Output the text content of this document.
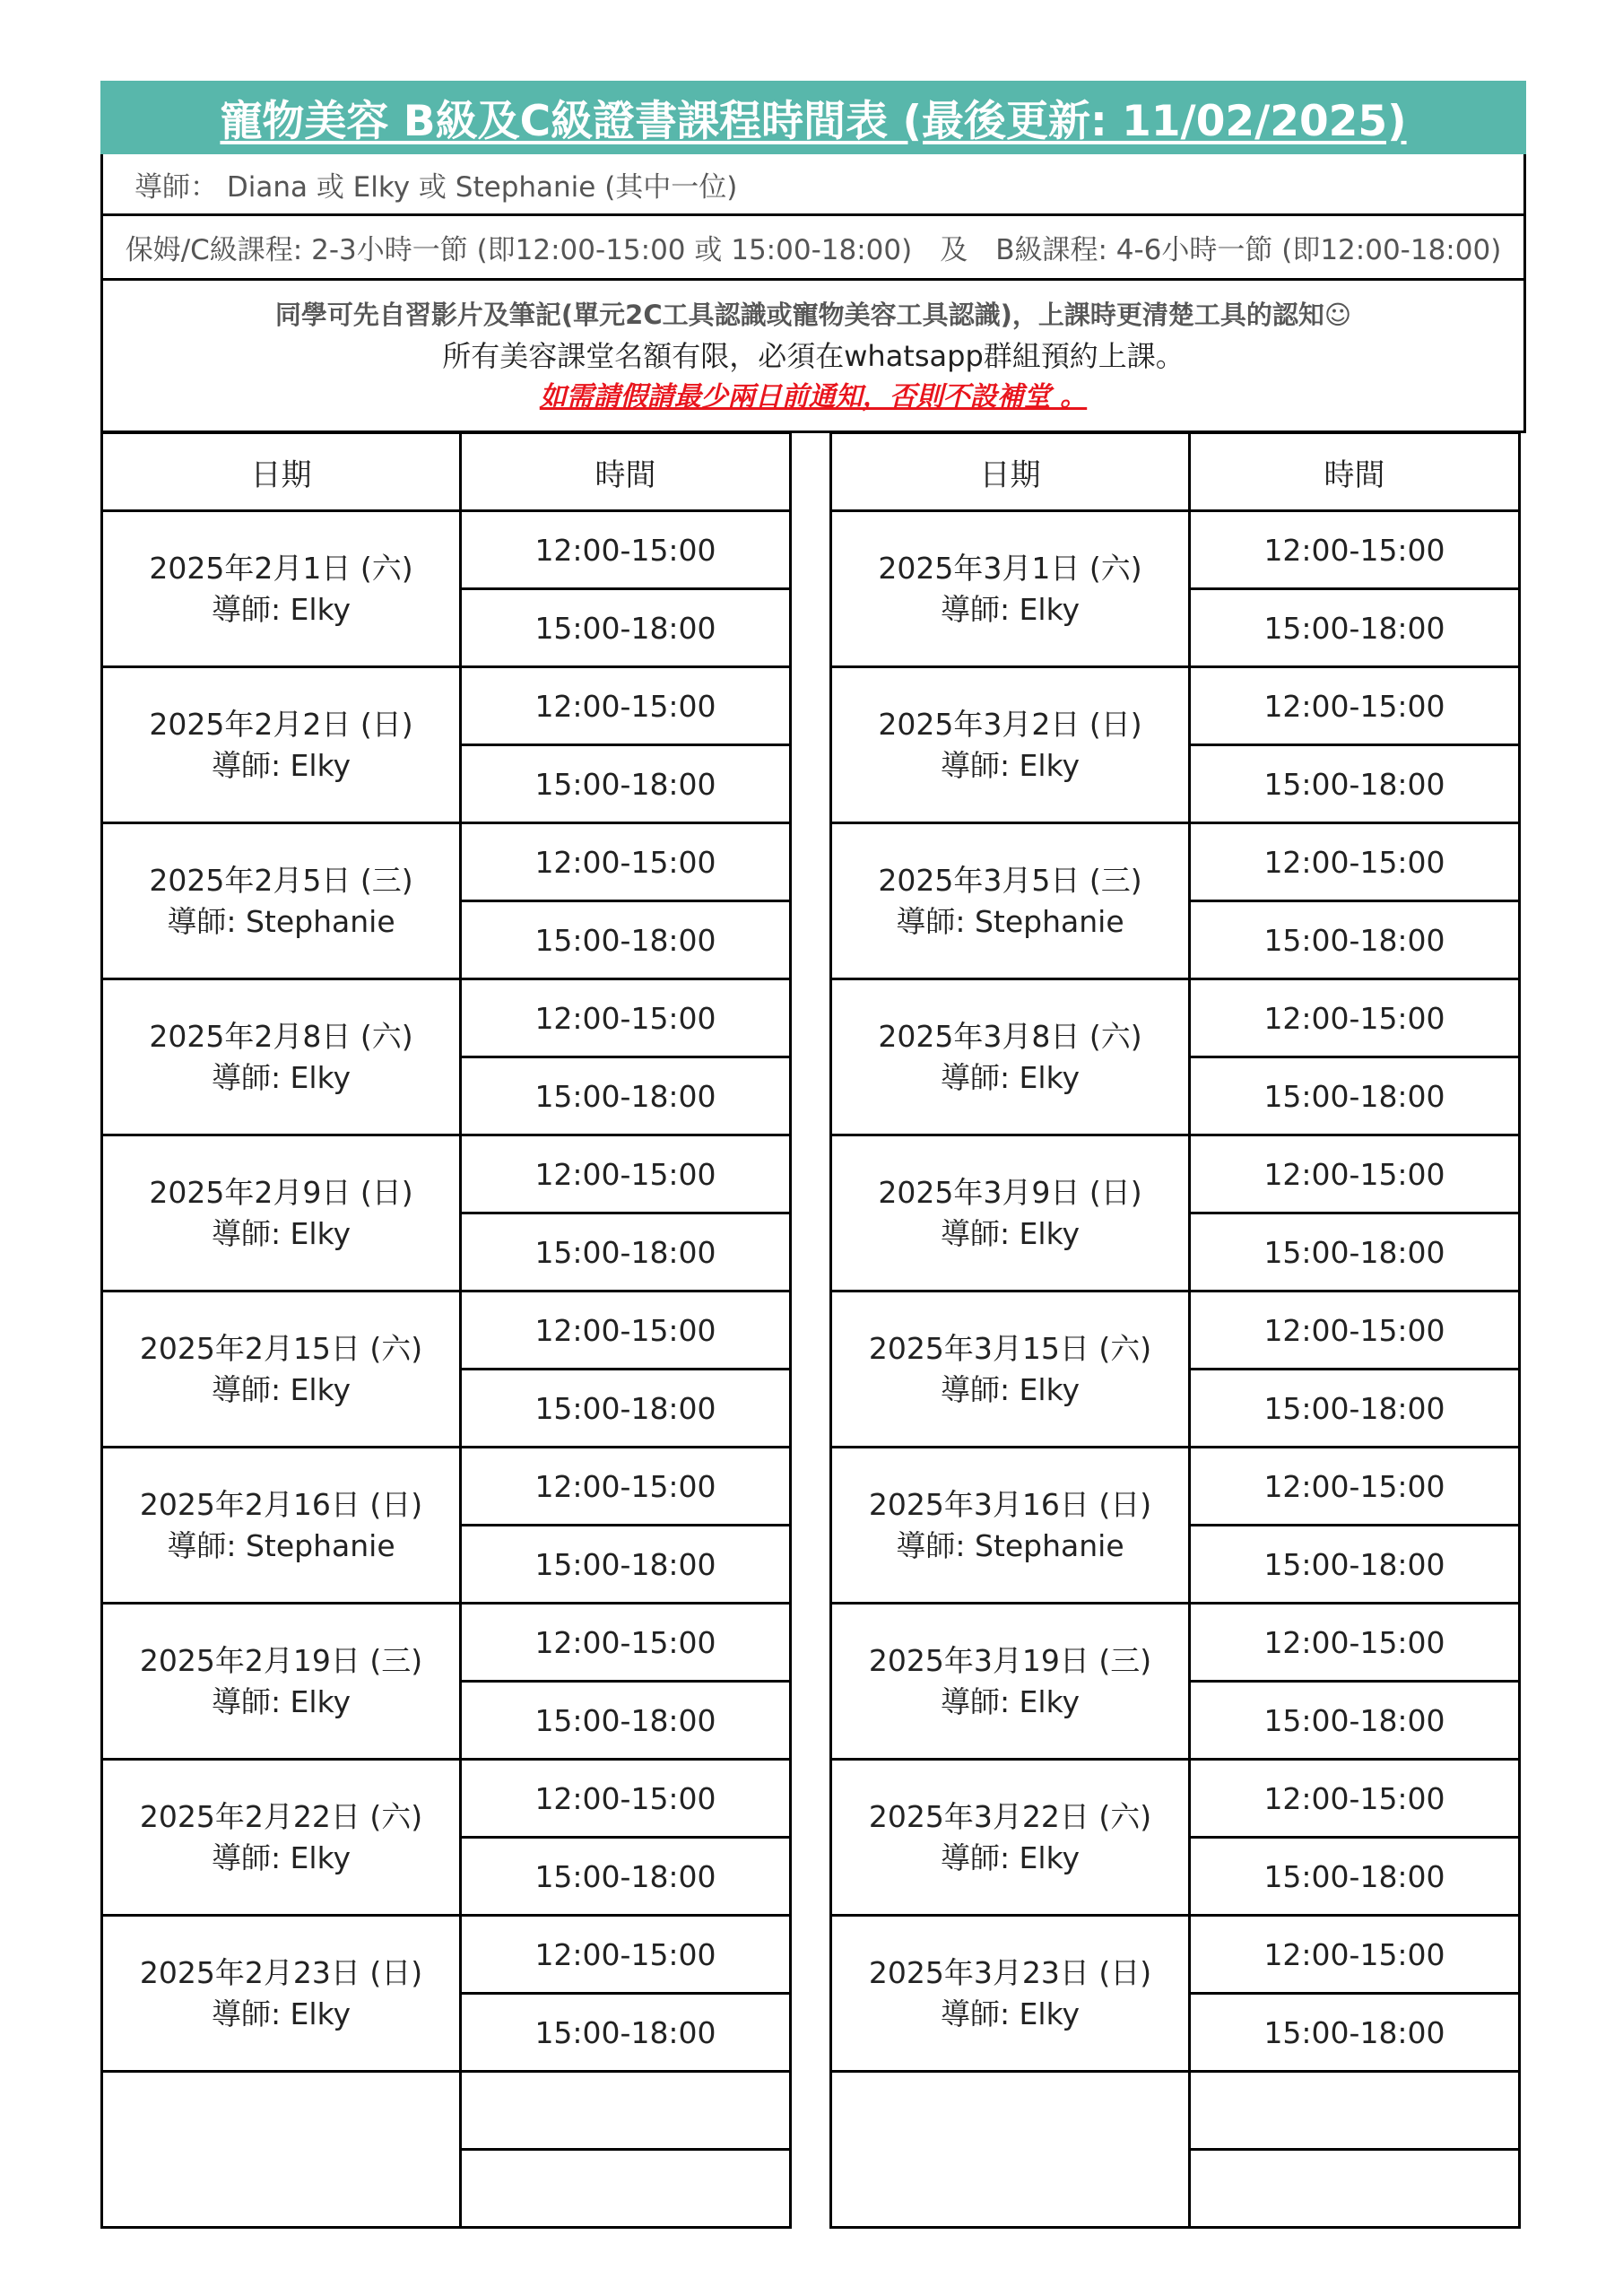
寵物美容 B級及C級證書課程時間表 (最後更新: 11/02/2025)
導師： Diana 或 Elky 或 Stephanie (其中一位)
保姆/C級課程: 2-3小時一節 (即12:00-15:00 或 15:00-18:00)　及　B級課程: 4-6小時一節 (即12:00-18:00)
同學可先自習影片及筆記(單元2C工具認識或寵物美容工具認識)，上課時更清楚工具的認知☺
所有美容課堂名額有限，必須在whatsapp群組預約上課。
如需請假請最少兩日前通知，否則不設補堂 。
日期	時間

2025年2月1日 (六)
導師: Elky	12:00-15:00
	15:00-18:00

2025年2月2日 (日)
導師: Elky	12:00-15:00
	15:00-18:00

2025年2月5日 (三)
導師: Stephanie	12:00-15:00
	15:00-18:00

2025年2月8日 (六)
導師: Elky	12:00-15:00
	15:00-18:00

2025年2月9日 (日)
導師: Elky	12:00-15:00
	15:00-18:00

2025年2月15日 (六)
導師: Elky	12:00-15:00
	15:00-18:00

2025年2月16日 (日)
導師: Stephanie	12:00-15:00
	15:00-18:00

2025年2月19日 (三)
導師: Elky	12:00-15:00
	15:00-18:00

2025年2月22日 (六)
導師: Elky	12:00-15:00
	15:00-18:00

2025年2月23日 (日)
導師: Elky	12:00-15:00
	15:00-18:00

日期	時間

2025年3月1日 (六)
導師: Elky	12:00-15:00
	15:00-18:00

2025年3月2日 (日)
導師: Elky	12:00-15:00
	15:00-18:00

2025年3月5日 (三)
導師: Stephanie	12:00-15:00
	15:00-18:00

2025年3月8日 (六)
導師: Elky	12:00-15:00
	15:00-18:00

2025年3月9日 (日)
導師: Elky	12:00-15:00
	15:00-18:00

2025年3月15日 (六)
導師: Elky	12:00-15:00
	15:00-18:00

2025年3月16日 (日)
導師: Stephanie	12:00-15:00
	15:00-18:00

2025年3月19日 (三)
導師: Elky	12:00-15:00
	15:00-18:00

2025年3月22日 (六)
導師: Elky	12:00-15:00
	15:00-18:00

2025年3月23日 (日)
導師: Elky	12:00-15:00
	15:00-18:00
